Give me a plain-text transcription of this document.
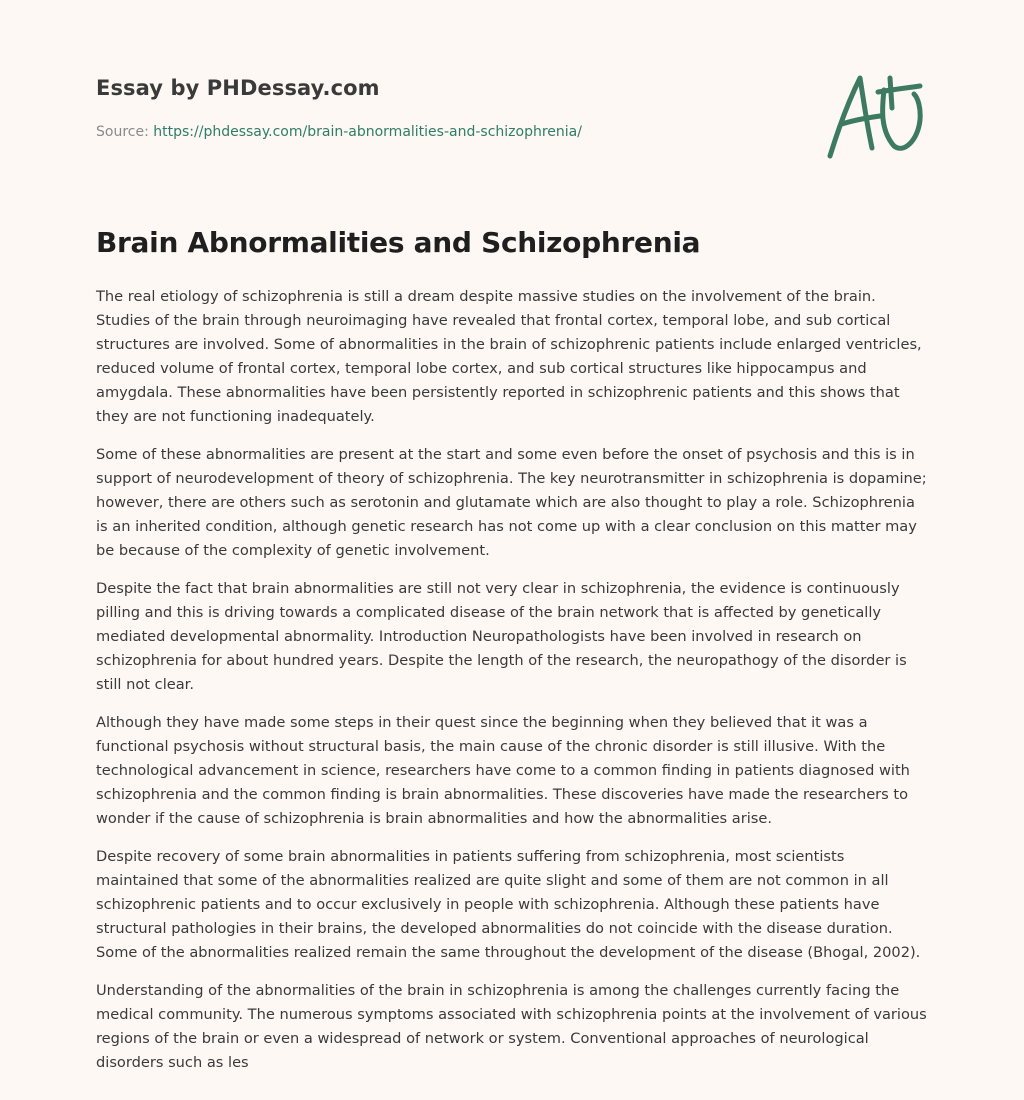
Essay by PHDessay.com
Source: https://phdessay.com/brain-abnormalities-and-schizophrenia/
Brain Abnormalities and Schizophrenia

The real etiology of schizophrenia is still a dream despite massive studies on the involvement of the brain. Studies of the brain through neuroimaging have revealed that frontal cortex, temporal lobe, and sub cortical structures are involved. Some of abnormalities in the brain of schizophrenic patients include enlarged ventricles, reduced volume of frontal cortex, temporal lobe cortex, and sub cortical structures like hippocampus and amygdala. These abnormalities have been persistently reported in schizophrenic patients and this shows that they are not functioning inadequately.

Some of these abnormalities are present at the start and some even before the onset of psychosis and this is in support of neurodevelopment of theory of schizophrenia. The key neurotransmitter in schizophrenia is dopamine; however, there are others such as serotonin and glutamate which are also thought to play a role. Schizophrenia is an inherited condition, although genetic research has not come up with a clear conclusion on this matter may be because of the complexity of genetic involvement.

Despite the fact that brain abnormalities are still not very clear in schizophrenia, the evidence is continuously pilling and this is driving towards a complicated disease of the brain network that is affected by genetically mediated developmental abnormality. Introduction Neuropathologists have been involved in research on schizophrenia for about hundred years. Despite the length of the research, the neuropathogy of the disorder is still not clear.

Although they have made some steps in their quest since the beginning when they believed that it was a functional psychosis without structural basis, the main cause of the chronic disorder is still illusive. With the technological advancement in science, researchers have come to a common finding in patients diagnosed with schizophrenia and the common finding is brain abnormalities. These discoveries have made the researchers to wonder if the cause of schizophrenia is brain abnormalities and how the abnormalities arise.

Despite recovery of some brain abnormalities in patients suffering from schizophrenia, most scientists maintained that some of the abnormalities realized are quite slight and some of them are not common in all schizophrenic patients and to occur exclusively in people with schizophrenia. Although these patients have structural pathologies in their brains, the developed abnormalities do not coincide with the disease duration. Some of the abnormalities realized remain the same throughout the development of the disease (Bhogal, 2002).

Understanding of the abnormalities of the brain in schizophrenia is among the challenges currently facing the medical community. The numerous symptoms associated with schizophrenia points at the involvement of various regions of the brain or even a widespread of network or system. Conventional approaches of neurological disorders such as les
